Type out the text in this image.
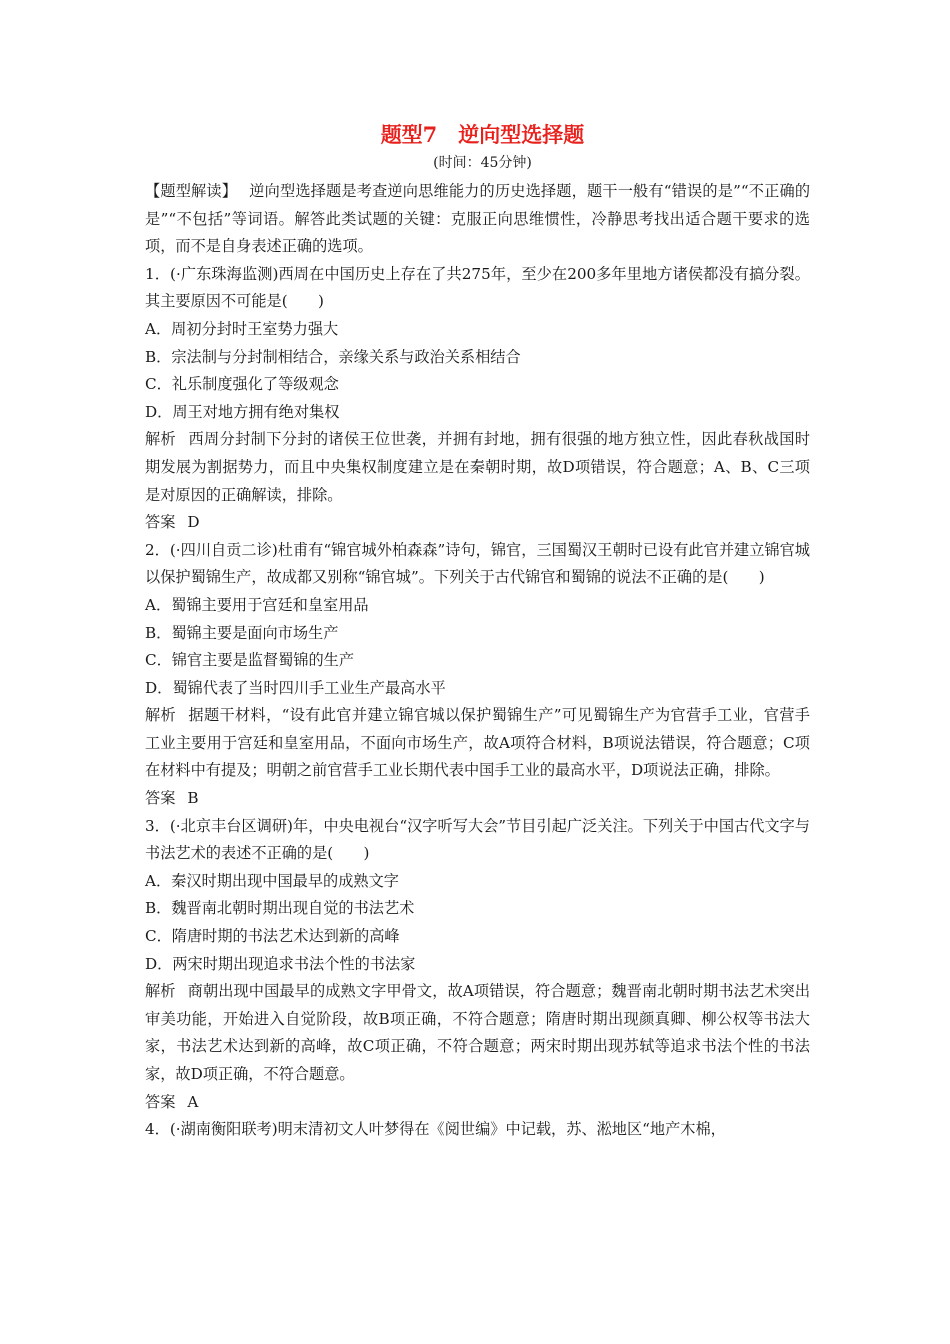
题型7　逆向型选择题

(时间：45分钟)

【题型解读】 逆向型选择题是考查逆向思维能力的历史选择题，题干一般有“错误的是”“不正确的是”“不包括”等词语。解答此类试题的关键：克服正向思维惯性，冷静思考找出适合题干要求的选项，而不是自身表述正确的选项。

1．(·广东珠海监测)西周在中国历史上存在了共275年，至少在200多年里地方诸侯都没有搞分裂。其主要原因不可能是(　　)

A．周初分封时王室势力强大

B．宗法制与分封制相结合，亲缘关系与政治关系相结合

C．礼乐制度强化了等级观念

D．周王对地方拥有绝对集权

解析 西周分封制下分封的诸侯王位世袭，并拥有封地，拥有很强的地方独立性，因此春秋战国时期发展为割据势力，而且中央集权制度建立是在秦朝时期，故D项错误，符合题意；A、B、C三项是对原因的正确解读，排除。

答案 D

2．(·四川自贡二诊)杜甫有“锦官城外柏森森”诗句，锦官，三国蜀汉王朝时已设有此官并建立锦官城以保护蜀锦生产，故成都又别称“锦官城”。下列关于古代锦官和蜀锦的说法不正确的是(　　)

A．蜀锦主要用于宫廷和皇室用品

B．蜀锦主要是面向市场生产

C．锦官主要是监督蜀锦的生产

D．蜀锦代表了当时四川手工业生产最高水平

解析 据题干材料，“设有此官并建立锦官城以保护蜀锦生产”可见蜀锦生产为官营手工业，官营手工业主要用于宫廷和皇室用品，不面向市场生产，故A项符合材料，B项说法错误，符合题意；C项在材料中有提及；明朝之前官营手工业长期代表中国手工业的最高水平，D项说法正确，排除。

答案 B

3．(·北京丰台区调研)年，中央电视台“汉字听写大会”节目引起广泛关注。下列关于中国古代文字与书法艺术的表述不正确的是(　　)

A．秦汉时期出现中国最早的成熟文字

B．魏晋南北朝时期出现自觉的书法艺术

C．隋唐时期的书法艺术达到新的高峰

D．两宋时期出现追求书法个性的书法家

解析 商朝出现中国最早的成熟文字甲骨文，故A项错误，符合题意；魏晋南北朝时期书法艺术突出审美功能，开始进入自觉阶段，故B项正确，不符合题意；隋唐时期出现颜真卿、柳公权等书法大家，书法艺术达到新的高峰，故C项正确，不符合题意；两宋时期出现苏轼等追求书法个性的书法家，故D项正确，不符合题意。

答案 A

4．(·湖南衡阳联考)明末清初文人叶梦得在《阅世编》中记载，苏、淞地区“地产木棉，
